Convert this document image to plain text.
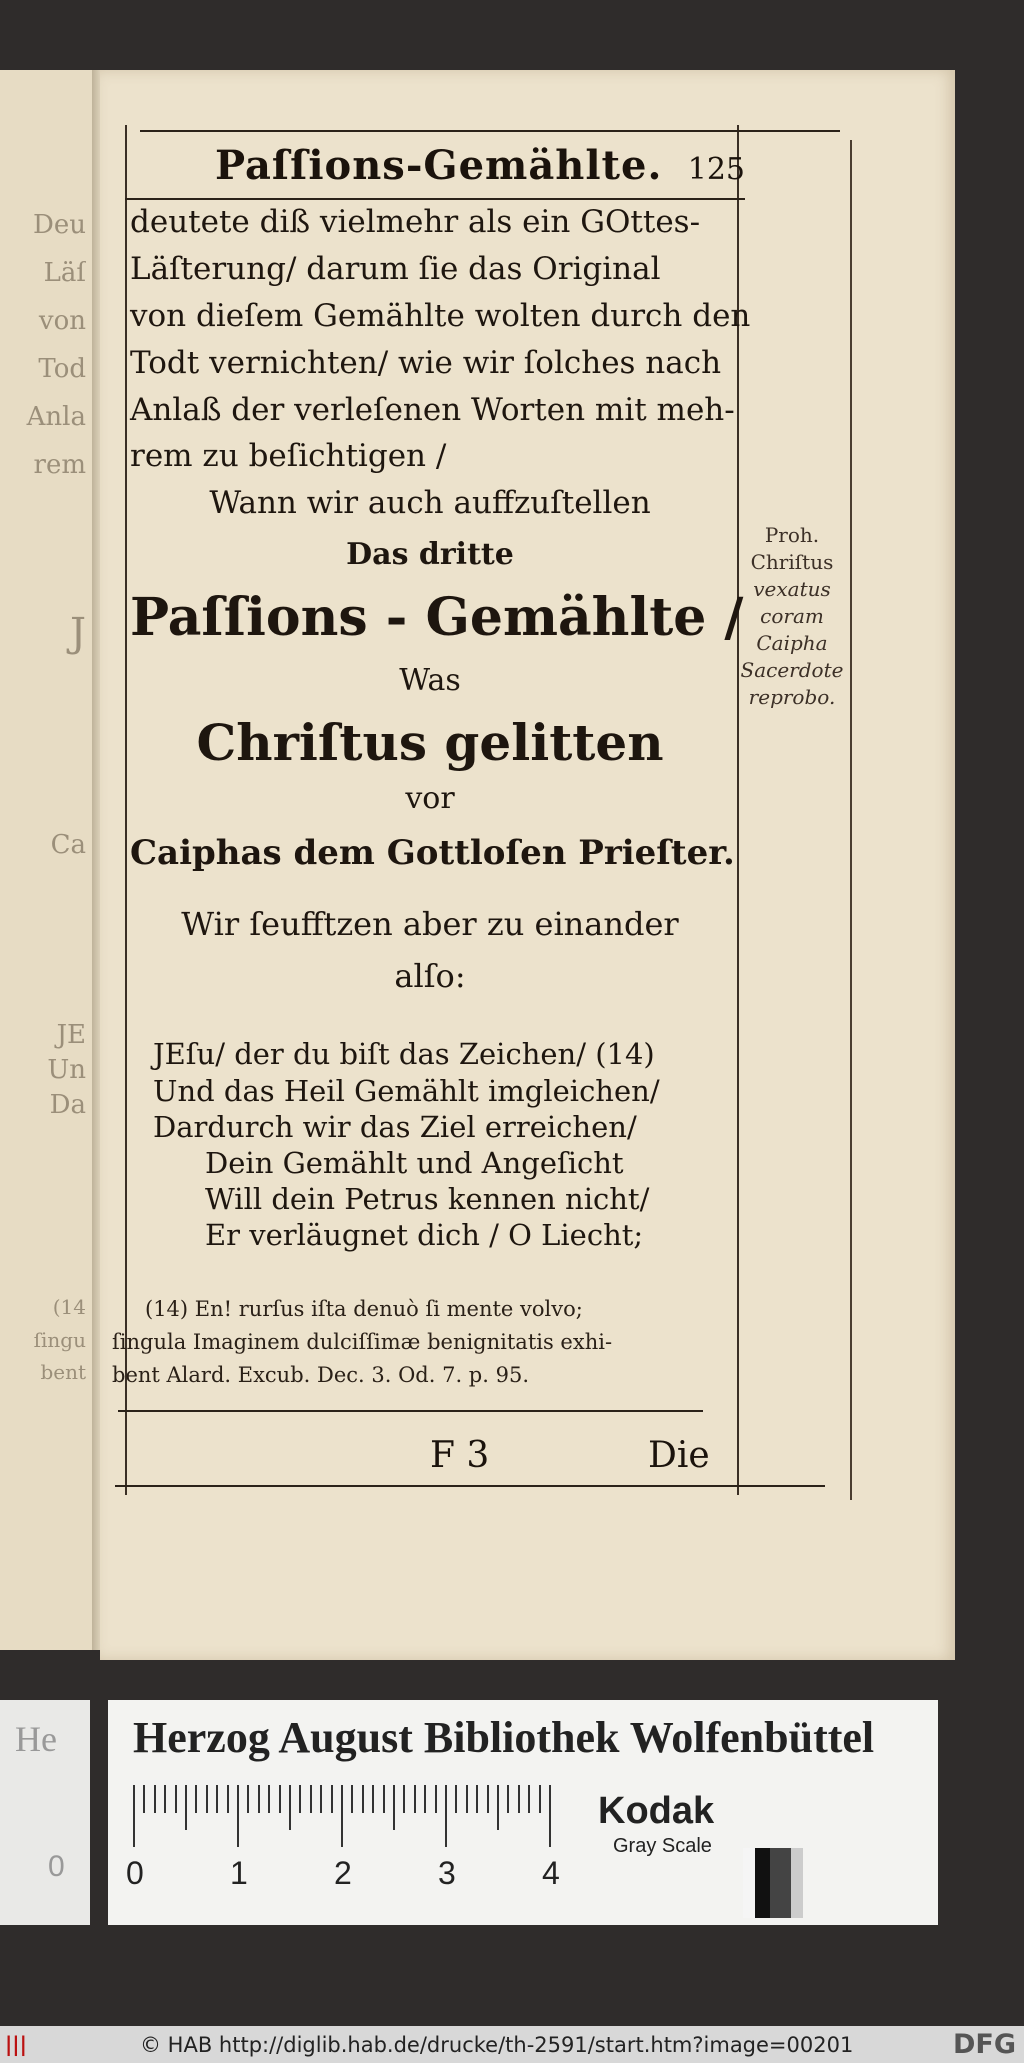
Deu
Läſ
von
Tod
Anla
rem
J
Ca
JE
Un
Da
(14
ſingu
bent
Paſſions-Gemählte. 125
deutete diß vielmehr als ein GOttes-
Läſterung/ darum ſie das Original
von dieſem Gemählte wolten durch den
Todt vernichten/ wie wir ſolches nach
Anlaß der verleſenen Worten mit meh-
rem zu beſichtigen /
Wann wir auch auffzuſtellen
Das dritte
Paſſions - Gemählte /
Was
Chriſtus gelitten
vor
Caiphas dem Gottloſen Prieſter.
Wir ſeufftzen aber zu einander
alſo:
Proh.
Chriſtus
vexatus
coram
Caipha
Sacerdote
reprobo.
JEſu/ der du biſt das Zeichen/ (14)
Und das Heil Gemählt imgleichen/
Dardurch wir das Ziel erreichen/
Dein Gemählt und Angeſicht
Will dein Petrus kennen nicht/
Er verläugnet dich / O Liecht;
(14) En! rurſus iſta denuò ſi mente volvo;
ſingula Imaginem dulciſſimæ benignitatis exhi-
bent Alard. Excub. Dec. 3. Od. 7. p. 95.
F 3	Die
He
0
Herzog August Bibliothek Wolfenbüttel
0	1	2	3	4
Kodak
Gray Scale
|||	© HAB http://diglib.hab.de/drucke/th-2591/start.htm?image=00201	DFG
